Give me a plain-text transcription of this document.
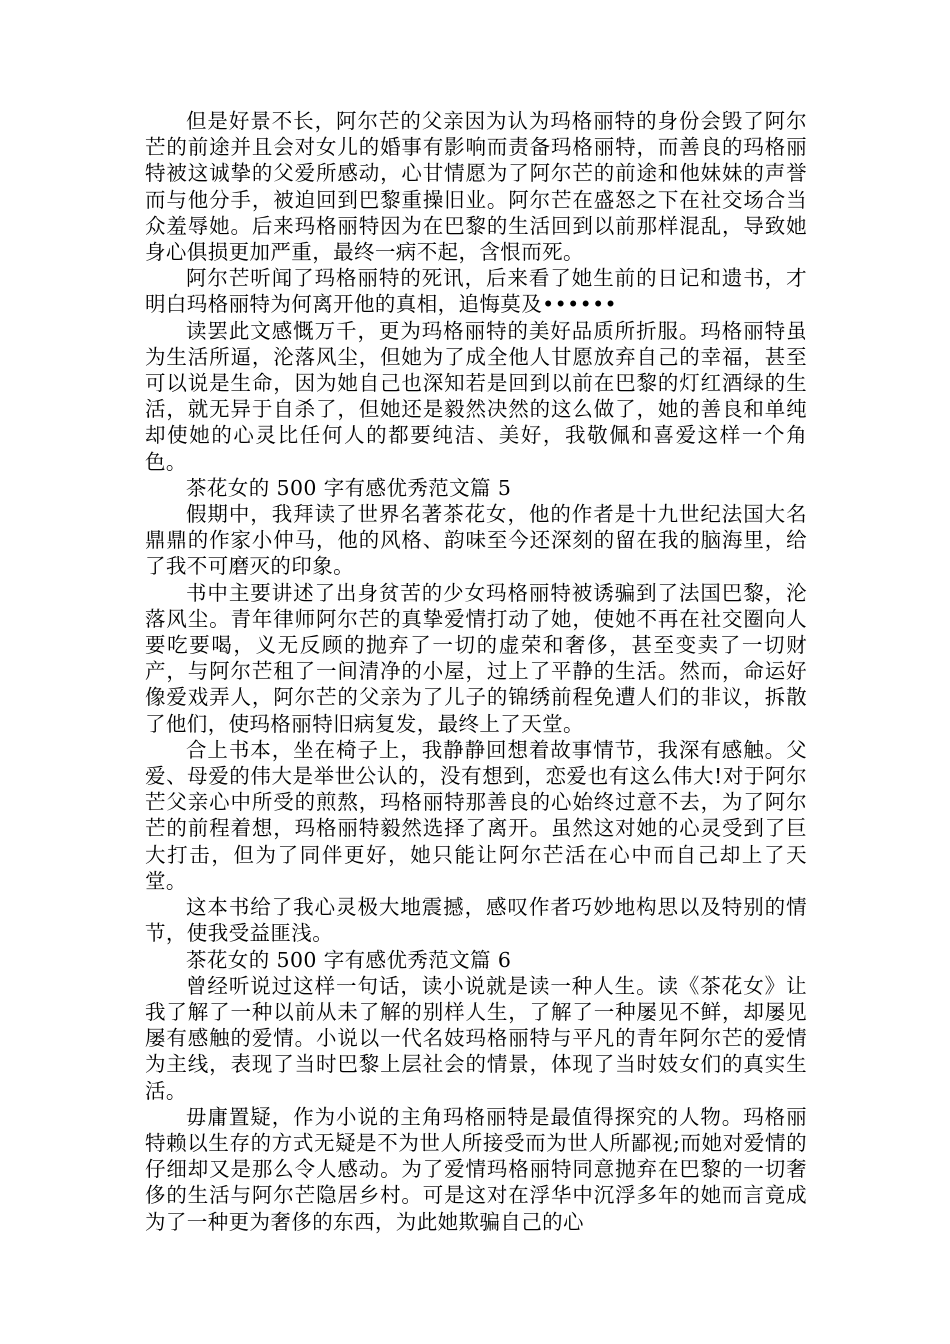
但是好景不长，阿尔芒的父亲因为认为玛格丽特的身份会毁了阿尔芒的前途并且会对女儿的婚事有影响而责备玛格丽特，而善良的玛格丽特被这诚挚的父爱所感动，心甘情愿为了阿尔芒的前途和他妹妹的声誉而与他分手，被迫回到巴黎重操旧业。阿尔芒在盛怒之下在社交场合当众羞辱她。后来玛格丽特因为在巴黎的生活回到以前那样混乱，导致她身心俱损更加严重，最终一病不起，含恨而死。

阿尔芒听闻了玛格丽特的死讯，后来看了她生前的日记和遗书，才明白玛格丽特为何离开他的真相，追悔莫及••••••

读罢此文感慨万千，更为玛格丽特的美好品质所折服。玛格丽特虽为生活所逼，沦落风尘，但她为了成全他人甘愿放弃自己的幸福，甚至可以说是生命，因为她自己也深知若是回到以前在巴黎的灯红酒绿的生活，就无异于自杀了，但她还是毅然决然的这么做了，她的善良和单纯却使她的心灵比任何人的都要纯洁、美好，我敬佩和喜爱这样一个角色。

茶花女的 500 字有感优秀范文篇 5

假期中，我拜读了世界名著茶花女，他的作者是十九世纪法国大名鼎鼎的作家小仲马，他的风格、韵味至今还深刻的留在我的脑海里，给了我不可磨灭的印象。

书中主要讲述了出身贫苦的少女玛格丽特被诱骗到了法国巴黎，沦落风尘。青年律师阿尔芒的真挚爱情打动了她，使她不再在社交圈向人要吃要喝，义无反顾的抛弃了一切的虚荣和奢侈，甚至变卖了一切财产，与阿尔芒租了一间清净的小屋，过上了平静的生活。然而，命运好像爱戏弄人，阿尔芒的父亲为了儿子的锦绣前程免遭人们的非议，拆散了他们，使玛格丽特旧病复发，最终上了天堂。

合上书本，坐在椅子上，我静静回想着故事情节，我深有感触。父爱、母爱的伟大是举世公认的，没有想到，恋爱也有这么伟大!对于阿尔芒父亲心中所受的煎熬，玛格丽特那善良的心始终过意不去，为了阿尔芒的前程着想，玛格丽特毅然选择了离开。虽然这对她的心灵受到了巨大打击，但为了同伴更好，她只能让阿尔芒活在心中而自己却上了天堂。

这本书给了我心灵极大地震撼，感叹作者巧妙地构思以及特别的情节，使我受益匪浅。

茶花女的 500 字有感优秀范文篇 6

曾经听说过这样一句话，读小说就是读一种人生。读《茶花女》让我了解了一种以前从未了解的别样人生，了解了一种屡见不鲜，却屡见屡有感触的爱情。小说以一代名妓玛格丽特与平凡的青年阿尔芒的爱情为主线，表现了当时巴黎上层社会的情景，体现了当时妓女们的真实生活。

毋庸置疑，作为小说的主角玛格丽特是最值得探究的人物。玛格丽特赖以生存的方式无疑是不为世人所接受而为世人所鄙视;而她对爱情的仔细却又是那么令人感动。为了爱情玛格丽特同意抛弃在巴黎的一切奢侈的生活与阿尔芒隐居乡村。可是这对在浮华中沉浮多年的她而言竟成为了一种更为奢侈的东西，为此她欺骗自己的心
